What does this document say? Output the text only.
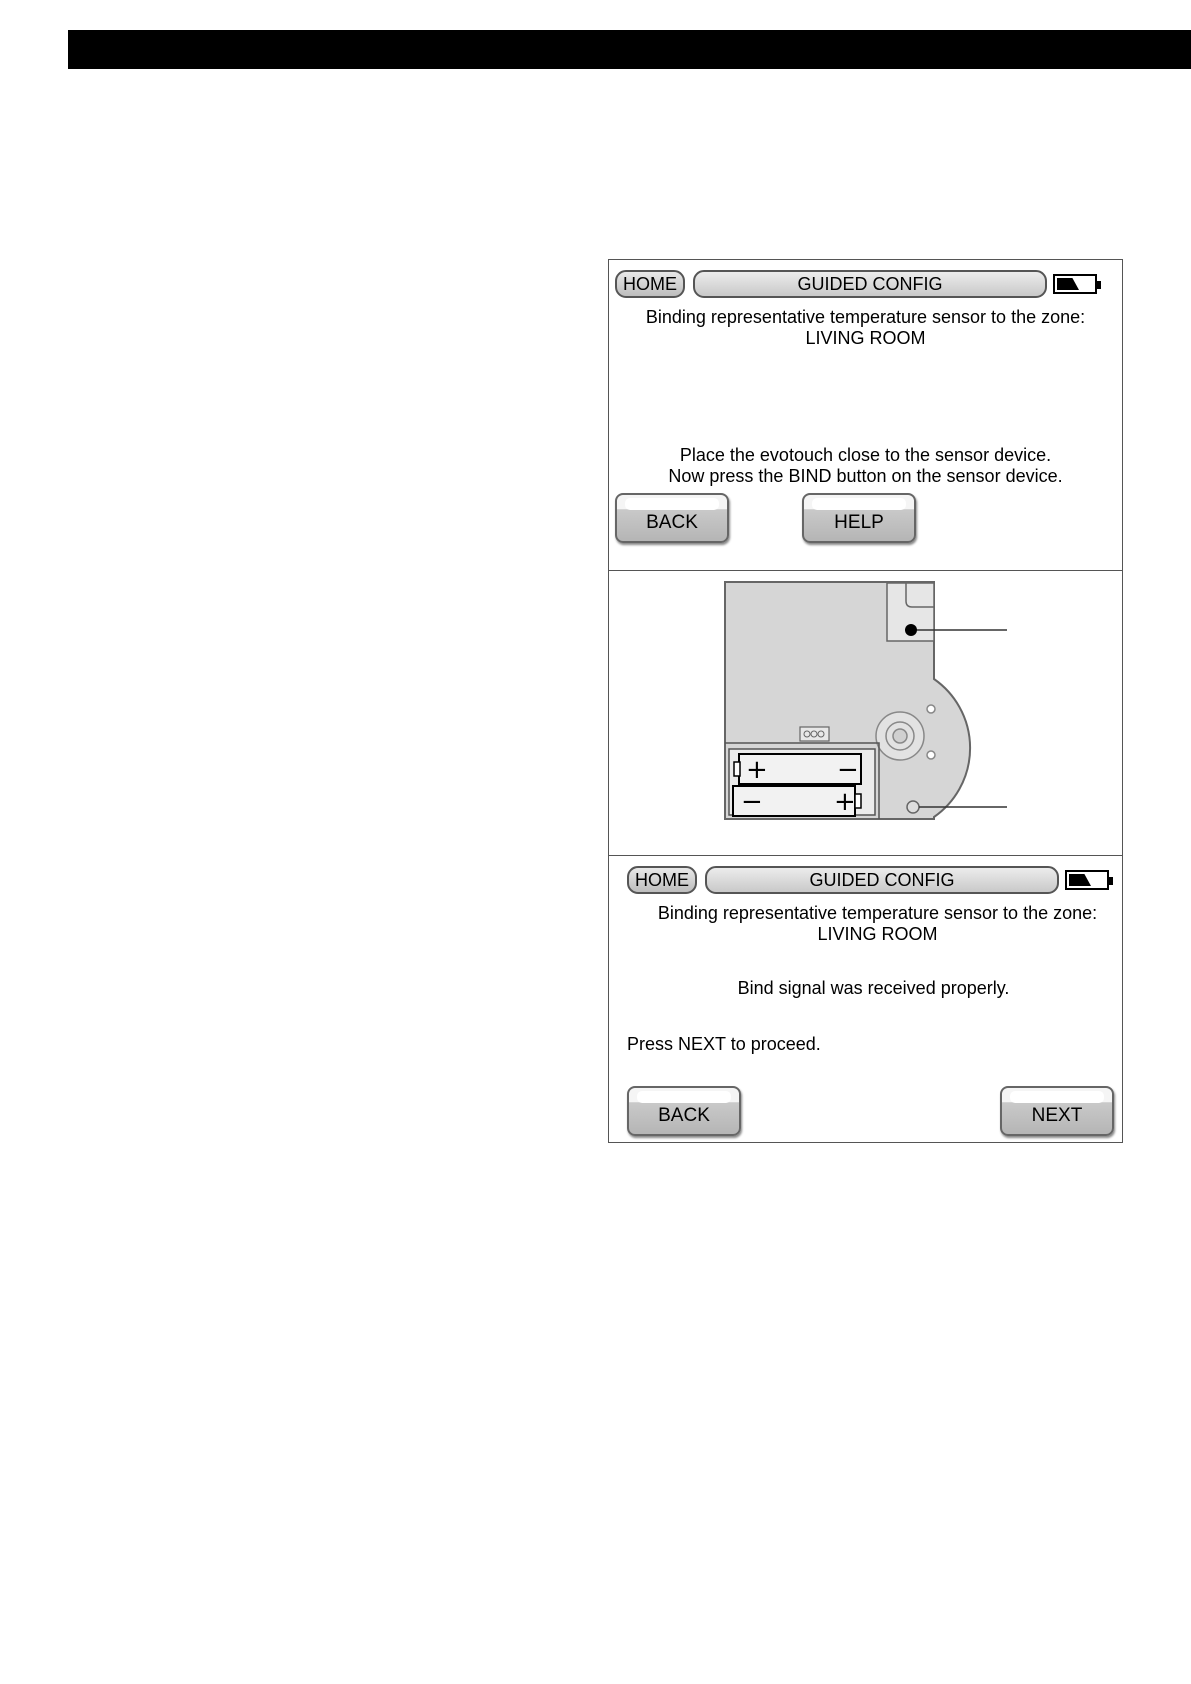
HOME	GUIDED CONFIG
Binding representative temperature sensor to the zone:
LIVING ROOM
Place the evotouch close to the sensor device.
Now press the BIND button on the sensor device.
BACK	HELP
+	−
−	+
HOME	GUIDED CONFIG
Binding representative temperature sensor to the zone:
LIVING ROOM
Bind signal was received properly.
Press NEXT to proceed.
BACK	NEXT
